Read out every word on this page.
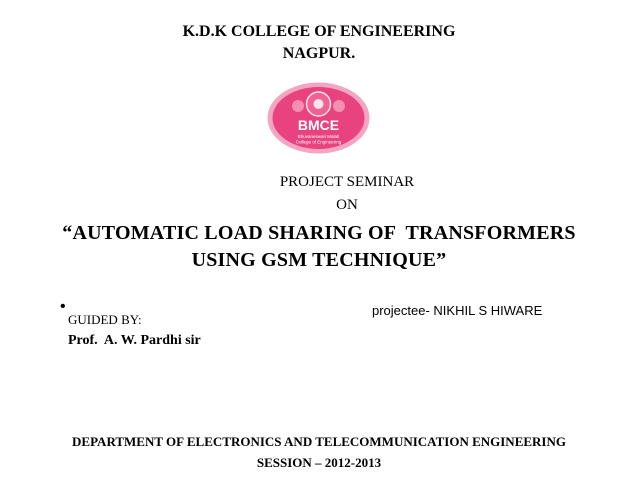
K.D.K COLLEGE OF ENGINEERING
NAGPUR.
BMCE
Bhuvaneswari Malati
College of Engineering
PROJECT SEMINAR
ON
“AUTOMATIC LOAD SHARING OF  TRANSFORMERS
USING GSM TECHNIQUE”
•
GUIDED BY:
Prof.  A. W. Pardhi sir
projectee- NIKHIL S HIWARE
DEPARTMENT OF ELECTRONICS AND TELECOMMUNICATION ENGINEERING
SESSION – 2012-2013
